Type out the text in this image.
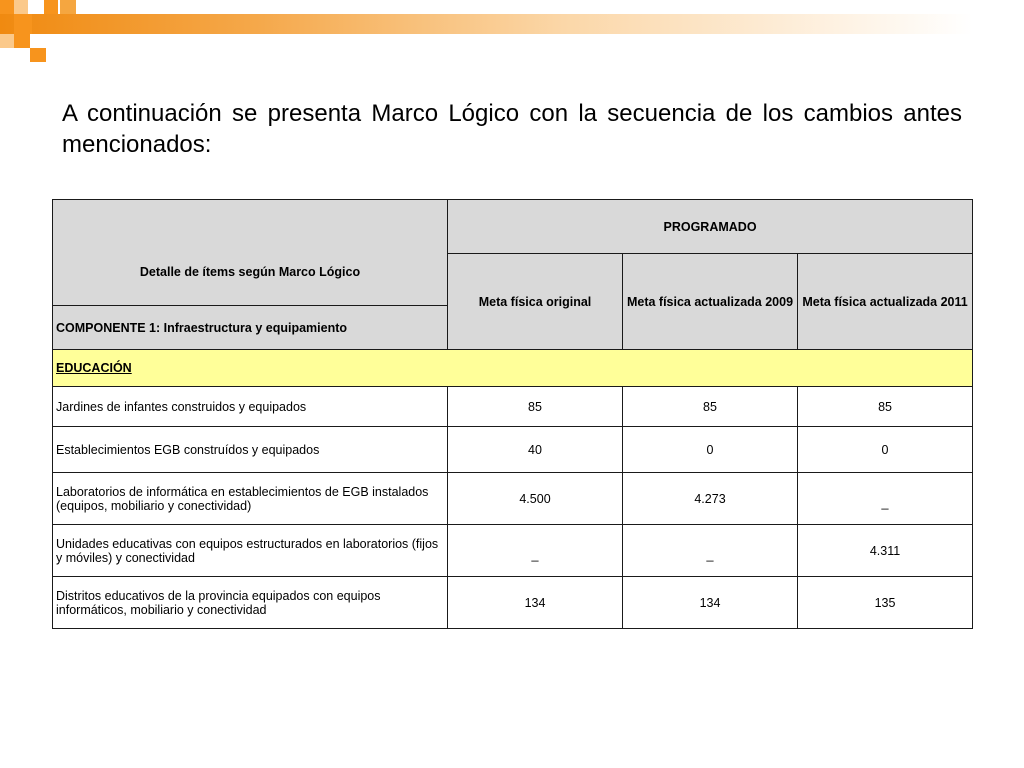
A continuación se presenta Marco Lógico con la secuencia de los cambios antes mencionados:

Detalle de ítems según Marco Lógico	PROGRAMADO		
	Meta física original	Meta física actualizada 2009	Meta física actualizada 2011
COMPONENTE 1: Infraestructura y equipamiento			
EDUCACIÓN			
Jardines de infantes construidos y equipados	85	85	85
Establecimientos EGB construídos y equipados	40	0	0
Laboratorios de informática en establecimientos de EGB instalados (equipos, mobiliario y conectividad)	4.500	4.273	_
Unidades educativas con equipos estructurados en laboratorios (fijos y móviles) y conectividad	_	_	4.311
Distritos educativos de la provincia equipados con equipos informáticos, mobiliario y conectividad	134	134	135
